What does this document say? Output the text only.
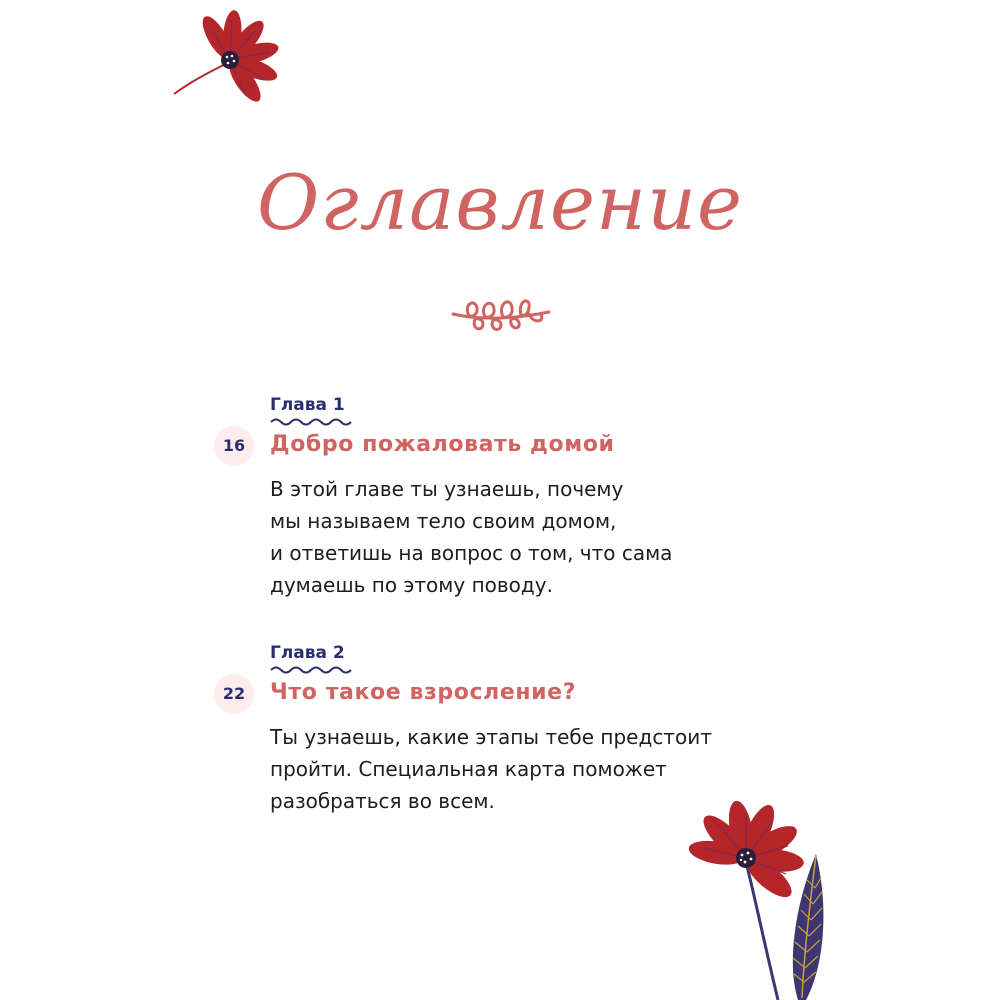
Оглавление
Глава 1
16	Добро пожаловать домой
В этой главе ты узнаешь, почему
мы называем тело своим домом,
и ответишь на вопрос о том, что сама
думаешь по этому поводу.
Глава 2
22	Что такое взросление?
Ты узнаешь, какие этапы тебе предстоит
пройти. Специальная карта поможет
разобраться во всем.
